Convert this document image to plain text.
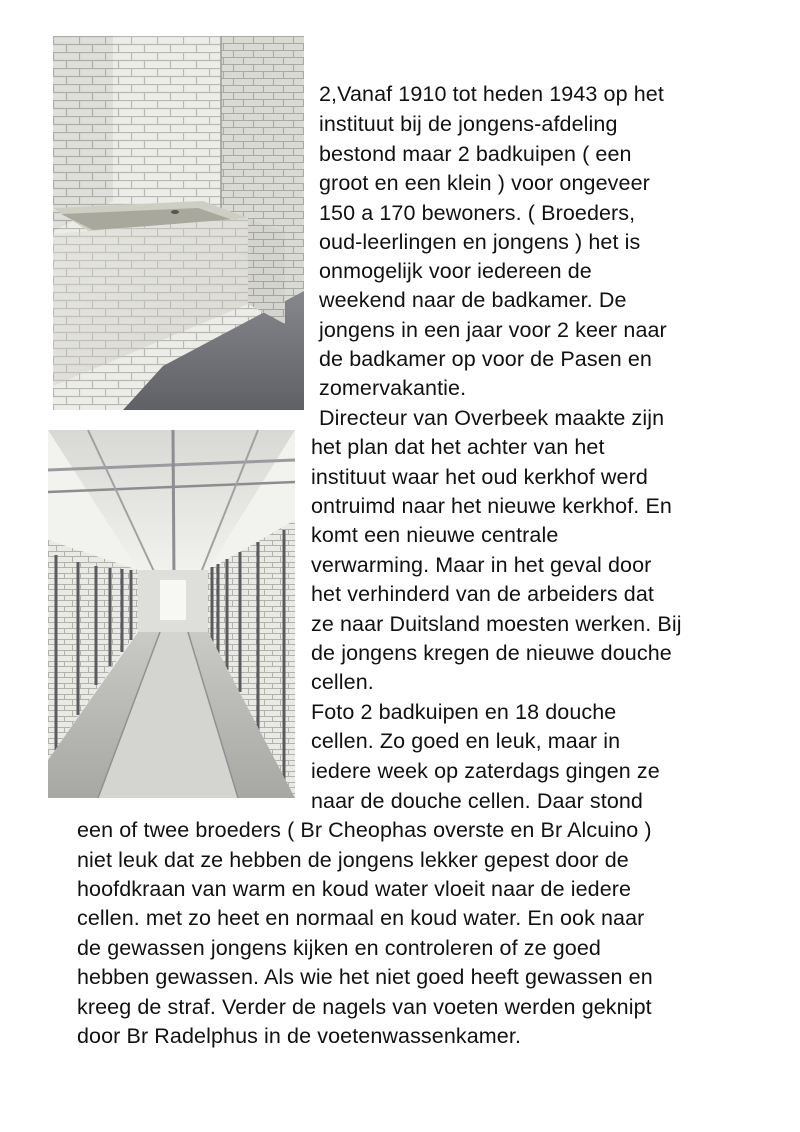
2,Vanaf 1910 tot heden 1943 op het
instituut bij de jongens-afdeling
bestond maar 2 badkuipen ( een
groot en een klein ) voor ongeveer
150 a 170 bewoners. ( Broeders,
oud-leerlingen en jongens ) het is
onmogelijk voor iedereen de
weekend naar de badkamer. De
jongens in een jaar voor 2 keer naar
de badkamer op voor de Pasen en
zomervakantie.
Directeur van Overbeek maakte zijn
het plan dat het achter van het
instituut waar het oud kerkhof werd
ontruimd naar het nieuwe kerkhof. En
komt een nieuwe centrale
verwarming. Maar in het geval door
het verhinderd van de arbeiders dat
ze naar Duitsland moesten werken. Bij
de jongens kregen de nieuwe douche
cellen.
Foto 2 badkuipen en 18 douche
cellen. Zo goed en leuk, maar in
iedere week op zaterdags gingen ze
naar de douche cellen. Daar stond
een of twee broeders ( Br Cheophas overste en Br Alcuino )
niet leuk dat ze hebben de jongens lekker gepest door de
hoofdkraan van warm en koud water vloeit naar de iedere
cellen. met zo heet en normaal en koud water. En ook naar
de gewassen jongens kijken en controleren of ze goed
hebben gewassen. Als wie het niet goed heeft gewassen en
kreeg de straf. Verder de nagels van voeten werden geknipt
door Br Radelphus in de voetenwassenkamer.
